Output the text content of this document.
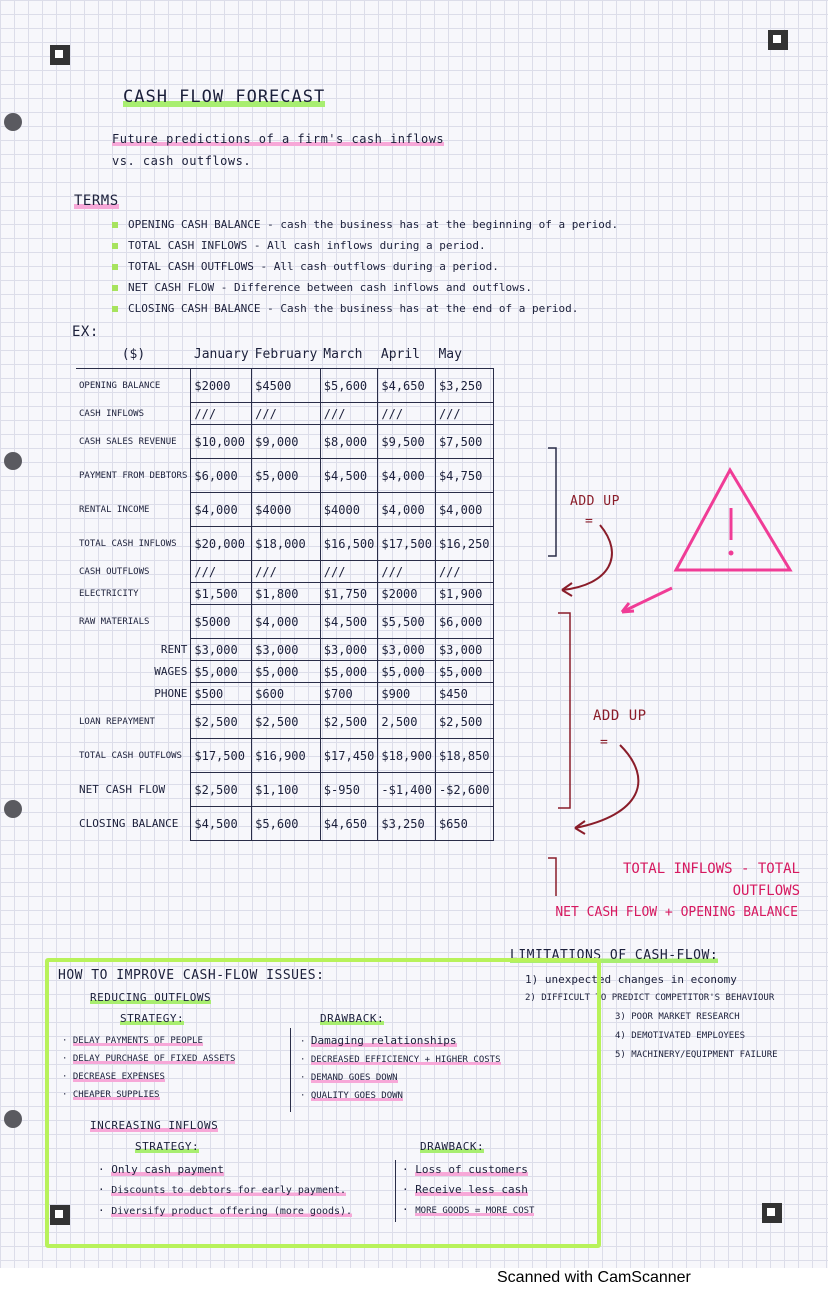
CASH FLOW FORECAST
Future predictions of a firm's cash inflows
vs. cash outflows.
TERMS
OPENING CASH BALANCE - cash the business has at the beginning of a period.
TOTAL CASH INFLOWS - All cash inflows during a period.
TOTAL CASH OUTFLOWS - All cash outflows during a period.
NET CASH FLOW - Difference between cash inflows and outflows.
CLOSING CASH BALANCE - Cash the business has at the end of a period.
EX:
($)	January	February	March	April	May
OPENING BALANCE	$2000	$4500	$5,600	$4,650	$3,250
CASH INFLOWS	///	///	///	///	///
CASH SALES REVENUE	$10,000	$9,000	$8,000	$9,500	$7,500
PAYMENT FROM DEBTORS	$6,000	$5,000	$4,500	$4,000	$4,750
RENTAL INCOME	$4,000	$4000	$4000	$4,000	$4,000
TOTAL CASH INFLOWS	$20,000	$18,000	$16,500	$17,500	$16,250
CASH OUTFLOWS	///	///	///	///	///
ELECTRICITY	$1,500	$1,800	$1,750	$2000	$1,900
RAW MATERIALS	$5000	$4,000	$4,500	$5,500	$6,000
RENT	$3,000	$3,000	$3,000	$3,000	$3,000
WAGES	$5,000	$5,000	$5,000	$5,000	$5,000
PHONE	$500	$600	$700	$900	$450
LOAN REPAYMENT	$2,500	$2,500	$2,500	2,500	$2,500
TOTAL CASH OUTFLOWS	$17,500	$16,900	$17,450	$18,900	$18,850
NET CASH FLOW	$2,500	$1,100	$-950	-$1,400	-$2,600
CLOSING BALANCE	$4,500	$5,600	$4,650	$3,250	$650
ADD UP
=
ADD UP
=
TOTAL INFLOWS - TOTAL OUTFLOWS
NET CASH FLOW + OPENING BALANCE
LIMITATIONS OF CASH-FLOW:
1) unexpected changes in economy
2) DIFFICULT TO PREDICT COMPETITOR'S BEHAVIOUR
3) POOR MARKET RESEARCH
4) DEMOTIVATED EMPLOYEES
5) MACHINERY/EQUIPMENT FAILURE
HOW TO IMPROVE CASH-FLOW ISSUES:
REDUCING OUTFLOWS
STRATEGY:	DRAWBACK:
· DELAY PAYMENTS OF PEOPLE
· DELAY PURCHASE OF FIXED ASSETS
· DECREASE EXPENSES
· CHEAPER SUPPLIES
· Damaging relationships
· DECREASED EFFICIENCY + HIGHER COSTS
· DEMAND GOES DOWN
· QUALITY GOES DOWN
INCREASING INFLOWS
STRATEGY:	DRAWBACK:
· Only cash payment
· Discounts to debtors for early payment.
· Diversify product offering (more goods).
· Loss of customers
· Receive less cash
· MORE GOODS = MORE COST
Scanned with CamScanner
